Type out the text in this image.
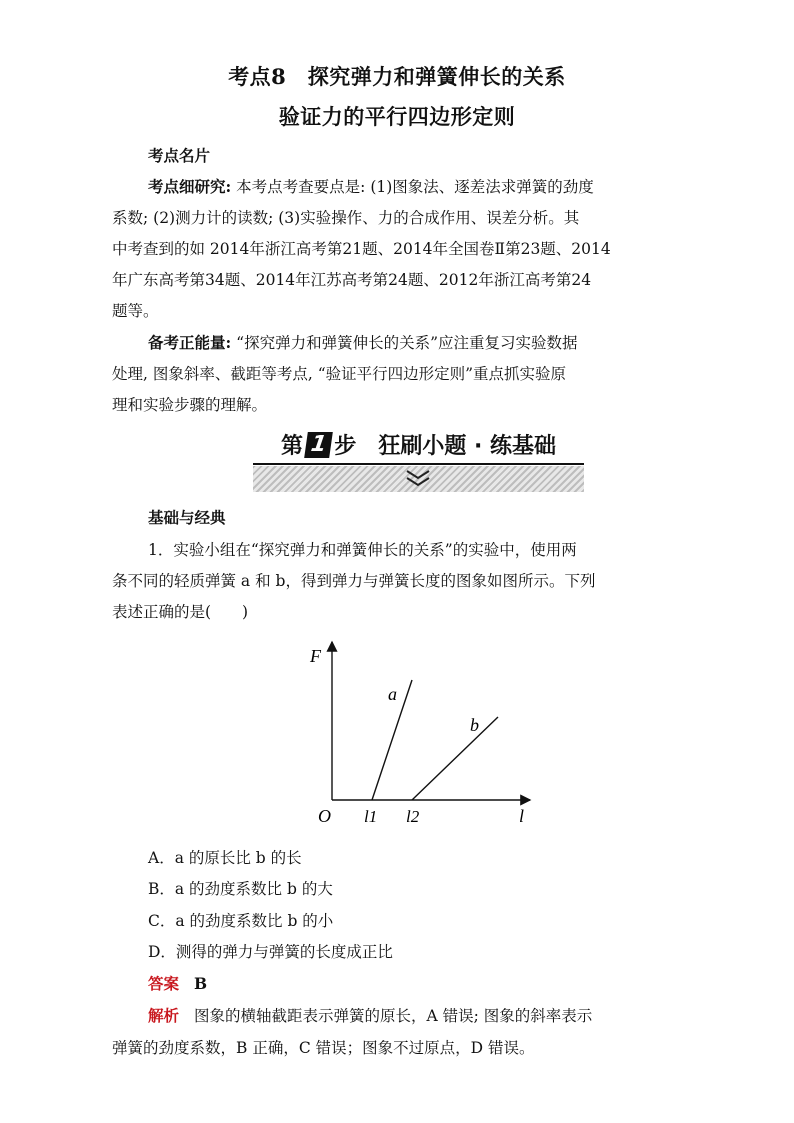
考点8　探究弹力和弹簧伸长的关系
验证力的平行四边形定则
考点名片
考点细研究: 本考点考查要点是: (1)图象法、逐差法求弹簧的劲度
系数; (2)测力计的读数; (3)实验操作、力的合成作用、误差分析。其
中考查到的如 2014年浙江高考第21题、2014年全国卷Ⅱ第23题、2014
年广东高考第34题、2014年江苏高考第24题、2012年浙江高考第24
题等。
备考正能量: “探究弹力和弹簧伸长的关系”应注重复习实验数据
处理, 图象斜率、截距等考点, “验证平行四边形定则”重点抓实验原
理和实验步骤的理解。
第 1 步　狂刷小题 · 练基础
基础与经典
1．实验小组在“探究弹力和弹簧伸长的关系”的实验中，使用两
条不同的轻质弹簧 a 和 b，得到弹力与弹簧长度的图象如图所示。下列
表述正确的是(　　)
F
l
O l1 l2
a
b
A．a 的原长比 b 的长
B．a 的劲度系数比 b 的大
C．a 的劲度系数比 b 的小
D．测得的弹力与弹簧的长度成正比
答案 B
解析 图象的横轴截距表示弹簧的原长，A 错误; 图象的斜率表示
弹簧的劲度系数，B 正确，C 错误；图象不过原点，D 错误。
